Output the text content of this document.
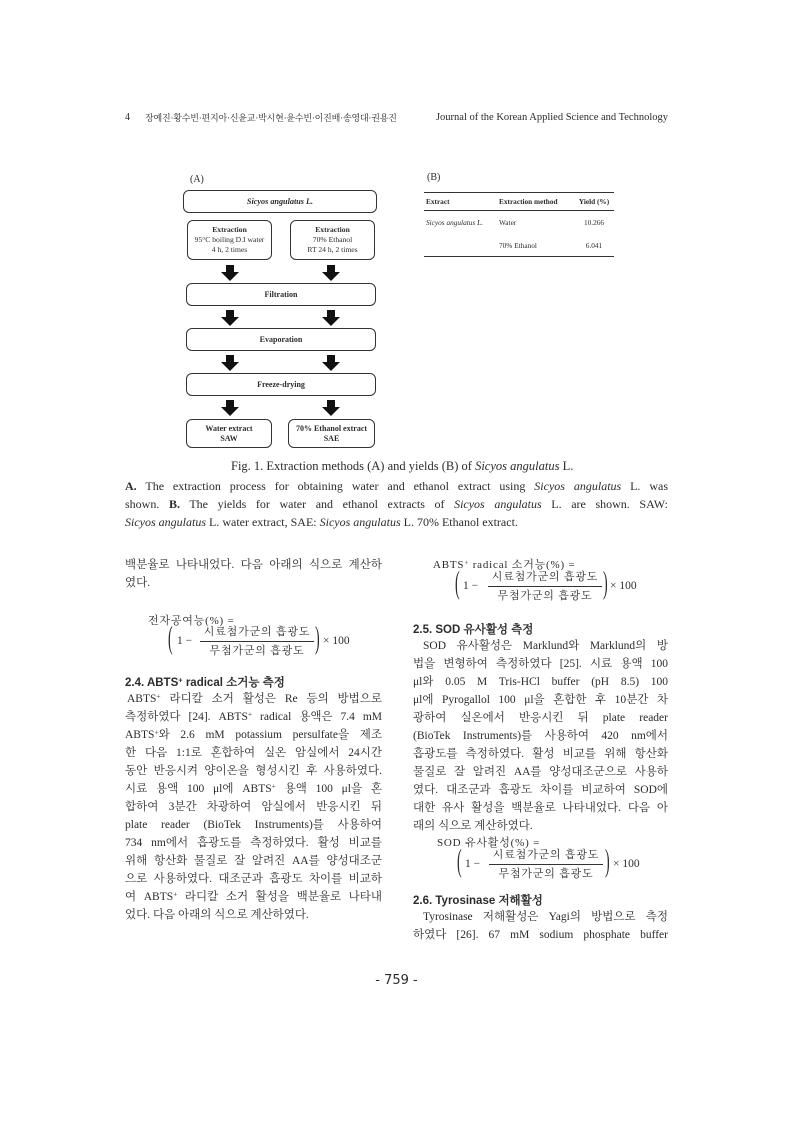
4 장예진·황수빈·편지아·신윤교·박시현·윤수빈·이진배·송영대·권용진	Journal of the Korean Applied Science and Technology
(A)
Sicyos angulatus L.
Extraction
95°C boiling D.I water
4 h, 2 times
Extraction
70% Ethanol
RT 24 h, 2 times
Filtration
Evaporation
Freeze-drying
Water extract
SAW
70% Ethanol extract
SAE
(B)
Extract	Extraction method	Yield (%)
Sicyos angulatus L.	Water	10.266
	70% Ethanol	6.041
Fig. 1. Extraction methods (A) and yields (B) of Sicyos angulatus L.
A. The extraction process for obtaining water and ethanol extract using Sicyos angulatus L. was
shown. B. The yields for water and ethanol extracts of Sicyos angulatus L. are shown. SAW:
Sicyos angulatus L. water extract, SAE: Sicyos angulatus L. 70% Ethanol extract.
백분율로 나타내었다. 다음 아래의 식으로 계산하
였다.
전자공여능(%) =
( 1 −
시료첨가군의 흡광도
무첨가군의 흡광도 ) × 100
2.4. ABTS+ radical 소거능 측정
ABTS+ 라디칼 소거 활성은 Re 등의 방법으로
측정하였다 [24]. ABTS+ radical 용액은 7.4 mM
ABTS+와 2.6 mM potassium persulfate을 제조
한 다음 1:1로 혼합하여 실온 암실에서 24시간
동안 반응시켜 양이온을 형성시킨 후 사용하였다.
시료 용액 100 μl에 ABTS+ 용액 100 μl을 혼
합하여 3분간 차광하여 암실에서 반응시킨 뒤
plate reader (BioTek Instruments)를 사용하여
734 nm에서 흡광도를 측정하였다. 활성 비교를
위해 항산화 물질로 잘 알려진 AA를 양성대조군
으로 사용하였다. 대조군과 흡광도 차이를 비교하
여 ABTS+ 라디칼 소거 활성을 백분율로 나타내
었다. 다음 아래의 식으로 계산하였다.
ABTS+ radical 소거능(%) =
( 1 −
시료첨가군의 흡광도
무첨가군의 흡광도 ) × 100
2.5. SOD 유사활성 측정
SOD 유사활성은 Marklund와 Marklund의 방
법을 변형하여 측정하였다 [25]. 시료 용액 100
μl와 0.05 M Tris-HCl buffer (pH 8.5) 100
μl에 Pyrogallol 100 μl을 혼합한 후 10분간 차
광하여 실온에서 반응시킨 뒤 plate reader
(BioTek Instruments)를 사용하여 420 nm에서
흡광도를 측정하였다. 활성 비교를 위해 항산화
물질로 잘 알려진 AA를 양성대조군으로 사용하
였다. 대조군과 흡광도 차이를 비교하여 SOD에
대한 유사 활성을 백분율로 나타내었다. 다음 아
래의 식으로 계산하였다.
SOD 유사활성(%) =
( 1 −
시료첨가군의 흡광도
무첨가군의 흡광도 ) × 100
2.6. Tyrosinase 저해활성
Tyrosinase 저해활성은 Yagi의 방법으로 측정
하였다 [26]. 67 mM sodium phosphate buffer
- 759 -
